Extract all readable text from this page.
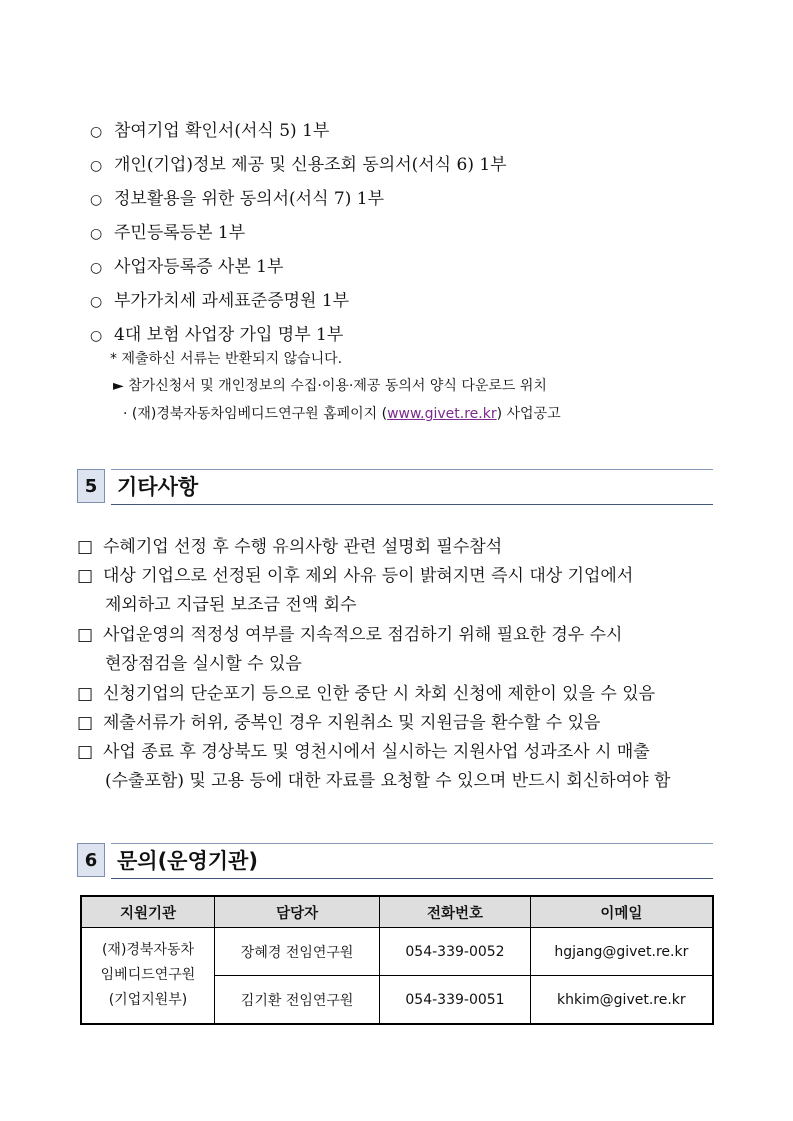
○ 참여기업 확인서(서식 5) 1부
○ 개인(기업)정보 제공 및 신용조회 동의서(서식 6) 1부
○ 정보활용을 위한 동의서(서식 7) 1부
○ 주민등록등본 1부
○ 사업자등록증 사본 1부
○ 부가가치세 과세표준증명원 1부
○ 4대 보험 사업장 가입 명부 1부
* 제출하신 서류는 반환되지 않습니다.
► 참가신청서 및 개인정보의 수집·이용·제공 동의서 양식 다운로드 위치
· (재)경북자동차임베디드연구원 홈페이지 (www.givet.re.kr) 사업공고
5 기타사항
□ 수혜기업 선정 후 수행 유의사항 관련 설명회 필수참석
□ 대상 기업으로 선정된 이후 제외 사유 등이 밝혀지면 즉시 대상 기업에서
제외하고 지급된 보조금 전액 회수
□ 사업운영의 적정성 여부를 지속적으로 점검하기 위해 필요한 경우 수시
현장점검을 실시할 수 있음
□ 신청기업의 단순포기 등으로 인한 중단 시 차회 신청에 제한이 있을 수 있음
□ 제출서류가 허위, 중복인 경우 지원취소 및 지원금을 환수할 수 있음
□ 사업 종료 후 경상북도 및 영천시에서 실시하는 지원사업 성과조사 시 매출
(수출포함) 및 고용 등에 대한 자료를 요청할 수 있으며 반드시 회신하여야 함
6 문의(운영기관)
지원기관	담당자	전화번호	이메일

(재)경북자동차
임베디드연구원
(기업지원부)	장혜경 전임연구원	054-339-0052	hgjang@givet.re.kr
	김기환 전임연구원	054-339-0051	khkim@givet.re.kr
